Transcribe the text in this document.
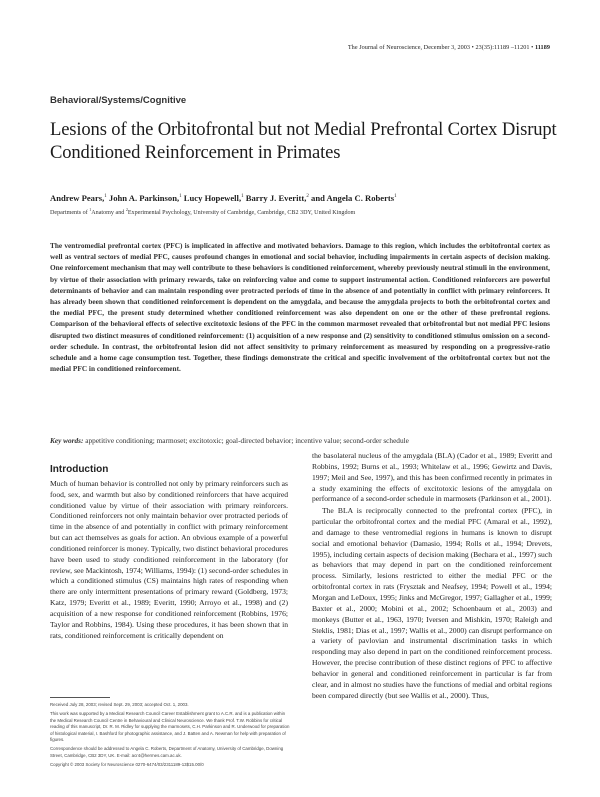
The Journal of Neuroscience, December 3, 2003 • 23(35):11189 –11201 • 11189
Behavioral/Systems/Cognitive
Lesions of the Orbitofrontal but not Medial Prefrontal Cortex Disrupt Conditioned Reinforcement in Primates
Andrew Pears,$^1$ John A. Parkinson,$^1$ Lucy Hopewell,$^1$ Barry J. Everitt,$^2$ and Angela C. Roberts$^1$
Departments of $^1$Anatomy and $^2$Experimental Psychology, University of Cambridge, Cambridge, CB2 3DY, United Kingdom
The ventromedial prefrontal cortex (PFC) is implicated in affective and motivated behaviors. Damage to this region, which includes the orbitofrontal cortex as well as ventral sectors of medial PFC, causes profound changes in emotional and social behavior, including impairments in certain aspects of decision making. One reinforcement mechanism that may well contribute to these behaviors is conditioned reinforcement, whereby previously neutral stimuli in the environment, by virtue of their association with primary rewards, take on reinforcing value and come to support instrumental action. Conditioned reinforcers are powerful determinants of behavior and can maintain responding over protracted periods of time in the absence of and potentially in conflict with primary reinforcers. It has already been shown that conditioned reinforcement is dependent on the amygdala, and because the amygdala projects to both the orbitofrontal cortex and the medial PFC, the present study determined whether conditioned reinforcement was also dependent on one or the other of these prefrontal regions. Comparison of the behavioral effects of selective excitotoxic lesions of the PFC in the common marmoset revealed that orbitofrontal but not medial PFC lesions disrupted two distinct measures of conditioned reinforcement: (1) acquisition of a new response and (2) sensitivity to conditioned stimulus omission on a second-order schedule. In contrast, the orbitofrontal lesion did not affect sensitivity to primary reinforcement as measured by responding on a progressive-ratio schedule and a home cage consumption test. Together, these findings demonstrate the critical and specific involvement of the orbitofrontal cortex but not the medial PFC in conditioned reinforcement.
Key words: appetitive conditioning; marmoset; excitotoxic; goal-directed behavior; incentive value; second-order schedule
Introduction

Much of human behavior is controlled not only by primary reinforcers such as food, sex, and warmth but also by conditioned reinforcers that have acquired conditioned value by virtue of their association with primary reinforcers. Conditioned reinforcers not only maintain behavior over protracted periods of time in the absence of and potentially in conflict with primary reinforcement but can act themselves as goals for action. An obvious example of a powerful conditioned reinforcer is money. Typically, two distinct behavioral procedures have been used to study conditioned reinforcement in the laboratory (for review, see Mackintosh, 1974; Williams, 1994): (1) second-order schedules in which a conditioned stimulus (CS) maintains high rates of responding when there are only intermittent presentations of primary reward (Goldberg, 1973; Katz, 1979; Everitt et al., 1989; Everitt, 1990; Arroyo et al., 1998) and (2) acquisition of a new response for conditioned reinforcement (Robbins, 1976; Taylor and Robbins, 1984). Using these procedures, it has been shown that in rats, conditioned reinforcement is critically dependent on

the basolateral nucleus of the amygdala (BLA) (Cador et al., 1989; Everitt and Robbins, 1992; Burns et al., 1993; Whitelaw et al., 1996; Gewirtz and Davis, 1997; Meil and See, 1997), and this has been confirmed recently in primates in a study examining the effects of excitotoxic lesions of the amygdala on performance of a second-order schedule in marmosets (Parkinson et al., 2001).

The BLA is reciprocally connected to the prefrontal cortex (PFC), in particular the orbitofrontal cortex and the medial PFC (Amaral et al., 1992), and damage to these ventromedial regions in humans is known to disrupt social and emotional behavior (Damasio, 1994; Rolls et al., 1994; Drevets, 1995), including certain aspects of decision making (Bechara et al., 1997) such as behaviors that may depend in part on the conditioned reinforcement process. Similarly, lesions restricted to either the medial PFC or the orbitofrontal cortex in rats (Frysztak and Neafsey, 1994; Powell et al., 1994; Morgan and LeDoux, 1995; Jinks and McGregor, 1997; Gallagher et al., 1999; Baxter et al., 2000; Mobini et al., 2002; Schoenbaum et al., 2003) and monkeys (Butter et al., 1963, 1970; Iversen and Mishkin, 1970; Raleigh and Steklis, 1981; Dias et al., 1997; Wallis et al., 2000) can disrupt performance on a variety of pavlovian and instrumental discrimination tasks in which responding may also depend in part on the conditioned reinforcement process. However, the precise contribution of these distinct regions of PFC to affective behavior in general and conditioned reinforcement in particular is far from clear, and in almost no studies have the functions of medial and orbital regions been compared directly (but see Wallis et al., 2000). Thus,

Received July 28, 2003; revised Sept. 29, 2003; accepted Oct. 1, 2003.

This work was supported by a Medical Research Council Career Establishment grant to A.C.R. and is a publication within the Medical Research Council Centre in Behavioural and Clinical Neuroscience. We thank Prof. T.W. Robbins for critical reading of this manuscript, Dr. R. M. Ridley for supplying the marmosets, C.H. Parkinson and R. Underwood for preparation of histological material, I. Bashford for photographic assistance, and J. Batten and A. Newman for help with preparation of figures.

Correspondence should be addressed to Angela C. Roberts, Department of Anatomy, University of Cambridge, Downing Street, Cambridge, CB2 3DY, UK. E-mail: acr4@hermes.cam.ac.uk.

Copyright © 2003 Society for Neuroscience 0270-6474/03/2311189-13$15.00/0
